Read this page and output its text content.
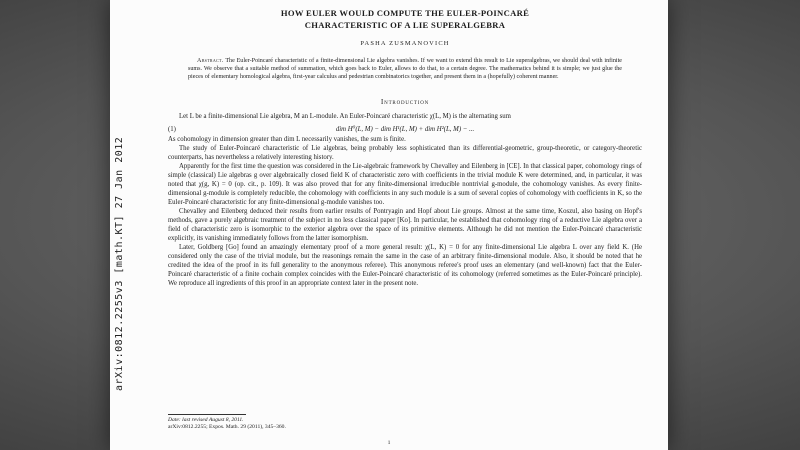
arXiv:0812.2255v3 [math.KT] 27 Jan 2012
HOW EULER WOULD COMPUTE THE EULER-POINCARÉ
CHARACTERISTIC OF A LIE SUPERALGEBRA
PASHA ZUSMANOVICH
Abstract. The Euler-Poincaré characteristic of a finite-dimensional Lie algebra vanishes. If we want to extend this result to Lie superalgebras, we should deal with infinite sums. We observe that a suitable method of summation, which goes back to Euler, allows to do that, to a certain degree. The mathematics behind it is simple; we just glue the pieces of elementary homological algebra, first-year calculus and pedestrian combinatorics together, and present them in a (hopefully) coherent manner.
Introduction
Let L be a finite-dimensional Lie algebra, M an L-module. An Euler-Poincaré characteristic χ(L, M) is the alternating sum
(1)	dim H⁰(L, M) − dim H¹(L, M) + dim H²(L, M) − ...
As cohomology in dimension greater than dim L necessarily vanishes, the sum is finite.
The study of Euler-Poincaré characteristic of Lie algebras, being probably less sophisticated than its differential-geometric, group-theoretic, or category-theoretic counterparts, has nevertheless a relatively interesting history.
Apparently for the first time the question was considered in the Lie-algebraic framework by Chevalley and Eilenberg in [CE]. In that classical paper, cohomology rings of simple (classical) Lie algebras g over algebraically closed field K of characteristic zero with coefficients in the trivial module K were determined, and, in particular, it was noted that χ(g, K) = 0 (op. cit., p. 109). It was also proved that for any finite-dimensional irreducible nontrivial g-module, the cohomology vanishes. As every finite-dimensional g-module is completely reducible, the cohomology with coefficients in any such module is a sum of several copies of cohomology with coefficients in K, so the Euler-Poincaré characteristic for any finite-dimensional g-module vanishes too.
Chevalley and Eilenberg deduced their results from earlier results of Pontryagin and Hopf about Lie groups. Almost at the same time, Koszul, also basing on Hopf's methods, gave a purely algebraic treatment of the subject in no less classical paper [Ko]. In particular, he established that cohomology ring of a reductive Lie algebra over a field of characteristic zero is isomorphic to the exterior algebra over the space of its primitive elements. Although he did not mention the Euler-Poincaré characteristic explicitly, its vanishing immediately follows from the latter isomorphism.
Later, Goldberg [Go] found an amazingly elementary proof of a more general result: χ(L, K) = 0 for any finite-dimensional Lie algebra L over any field K. (He considered only the case of the trivial module, but the reasonings remain the same in the case of an arbitrary finite-dimensional module. Also, it should be noted that he credited the idea of the proof in its full generality to the anonymous referee). This anonymous referee's proof uses an elementary (and well-known) fact that the Euler-Poincaré characteristic of a finite cochain complex coincides with the Euler-Poincaré characteristic of its cohomology (referred sometimes as the Euler-Poincaré principle). We reproduce all ingredients of this proof in an appropriate context later in the present note.
Date: last revised August 8, 2011.
arXiv:0812.2255; Expos. Math. 29 (2011), 345–360.
1
